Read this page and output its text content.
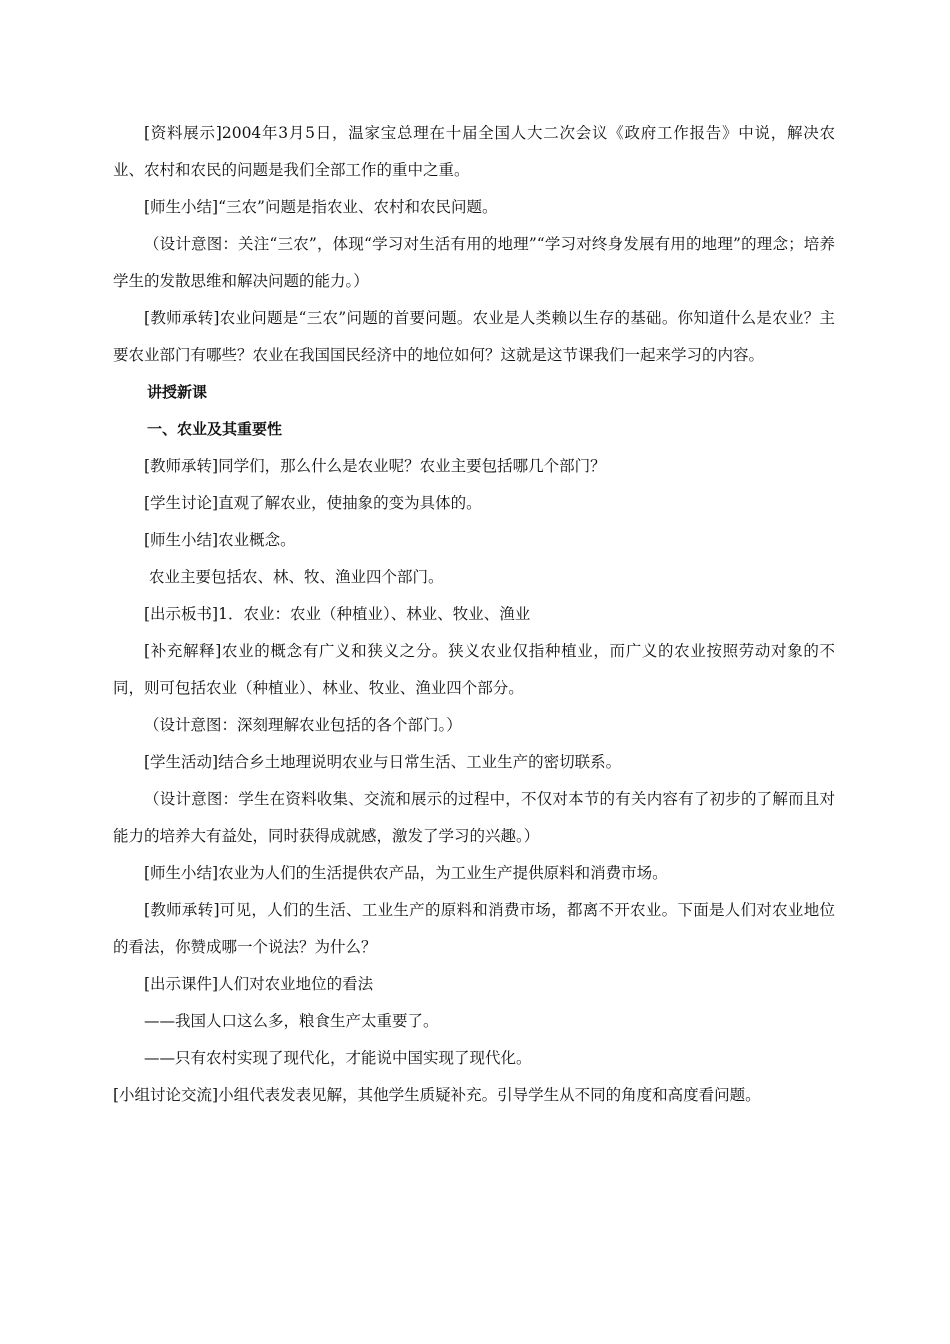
[资料展示]2004年3月5日，温家宝总理在十届全国人大二次会议《政府工作报告》中说，解决农业、农村和农民的问题是我们全部工作的重中之重。

[师生小结]“三农”问题是指农业、农村和农民问题。

（设计意图：关注“三农”，体现“学习对生活有用的地理”“学习对终身发展有用的地理”的理念；培养学生的发散思维和解决问题的能力。）

[教师承转]农业问题是“三农”问题的首要问题。农业是人类赖以生存的基础。你知道什么是农业？主要农业部门有哪些？农业在我国国民经济中的地位如何？这就是这节课我们一起来学习的内容。

讲授新课

一、农业及其重要性

[教师承转]同学们，那么什么是农业呢？农业主要包括哪几个部门？

[学生讨论]直观了解农业，使抽象的变为具体的。

[师生小结]农业概念。

农业主要包括农、林、牧、渔业四个部门。

[出示板书]1．农业：农业（种植业）、林业、牧业、渔业

[补充解释]农业的概念有广义和狭义之分。狭义农业仅指种植业，而广义的农业按照劳动对象的不同，则可包括农业（种植业）、林业、牧业、渔业四个部分。

（设计意图：深刻理解农业包括的各个部门。）

[学生活动]结合乡土地理说明农业与日常生活、工业生产的密切联系。

（设计意图：学生在资料收集、交流和展示的过程中，不仅对本节的有关内容有了初步的了解而且对能力的培养大有益处，同时获得成就感，激发了学习的兴趣。）

[师生小结]农业为人们的生活提供农产品，为工业生产提供原料和消费市场。

[教师承转]可见，人们的生活、工业生产的原料和消费市场，都离不开农业。下面是人们对农业地位的看法，你赞成哪一个说法？为什么？

[出示课件]人们对农业地位的看法

——我国人口这么多，粮食生产太重要了。

——只有农村实现了现代化，才能说中国实现了现代化。

[小组讨论交流]小组代表发表见解，其他学生质疑补充。引导学生从不同的角度和高度看问题。
